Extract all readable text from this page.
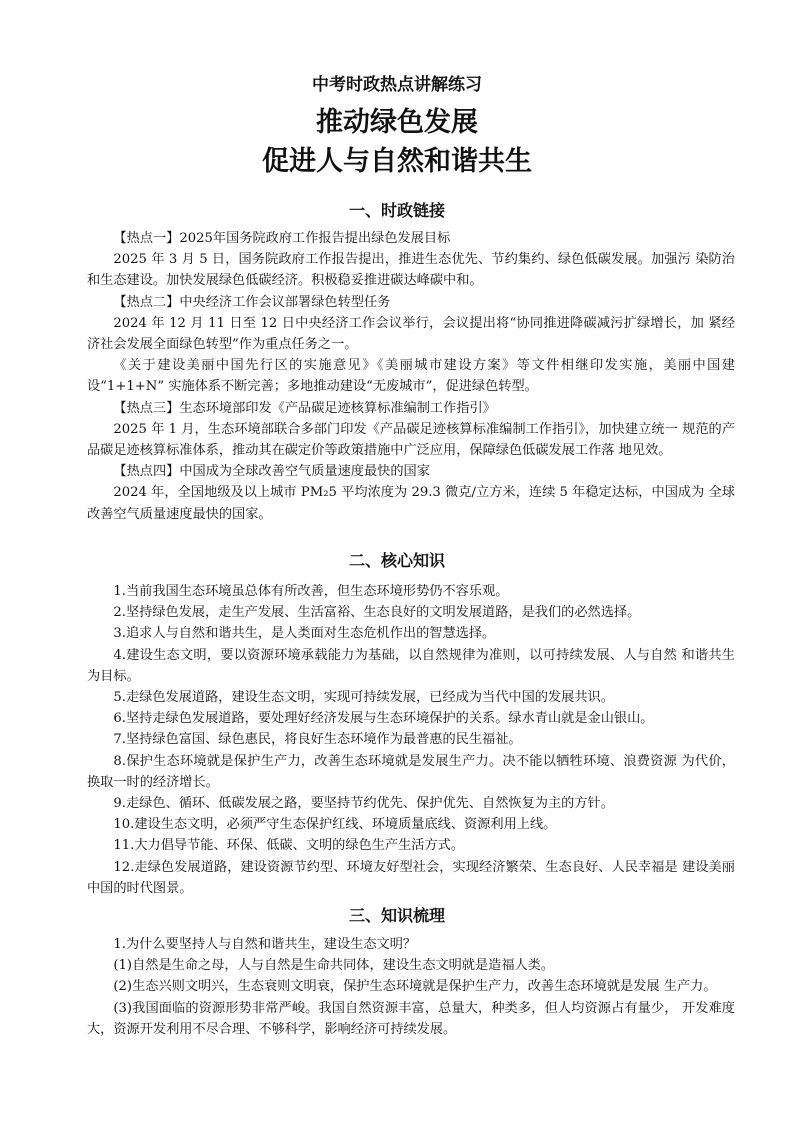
中考时政热点讲解练习
推动绿色发展
促进人与自然和谐共生
一、时政链接

【热点一】2025年国务院政府工作报告提出绿色发展目标

2025 年 3 月 5 日，国务院政府工作报告提出，推进生态优先、节约集约、绿色低碳发展。加强污 染防治和生态建设。加快发展绿色低碳经济。积极稳妥推进碳达峰碳中和。

【热点二】中央经济工作会议部署绿色转型任务

2024 年 12 月 11 日至 12 日中央经济工作会议举行，会议提出将“协同推进降碳减污扩绿增长，加 紧经济社会发展全面绿色转型”作为重点任务之一。

《关于建设美丽中国先行区的实施意见》《美丽城市建设方案》等文件相继印发实施，美丽中国建 设“1+1+N” 实施体系不断完善；多地推动建设“无废城市”，促进绿色转型。

【热点三】生态环境部印发《产品碳足迹核算标准编制工作指引》

2025 年 1 月，生态环境部联合多部门印发《产品碳足迹核算标准编制工作指引》，加快建立统一 规范的产品碳足迹核算标准体系，推动其在碳定价等政策措施中广泛应用，保障绿色低碳发展工作落 地见效。

【热点四】中国成为全球改善空气质量速度最快的国家

2024 年，全国地级及以上城市 PM₂5 平均浓度为 29.3 微克/立方米，连续 5 年稳定达标，中国成为 全球改善空气质量速度最快的国家。

二、核心知识

1.当前我国生态环境虽总体有所改善，但生态环境形势仍不容乐观。

2.坚持绿色发展，走生产发展、生活富裕、生态良好的文明发展道路，是我们的必然选择。

3.追求人与自然和谐共生，是人类面对生态危机作出的智慧选择。

4.建设生态文明，要以资源环境承载能力为基础，以自然规律为准则，以可持续发展、人与自然 和谐共生为目标。

5.走绿色发展道路，建设生态文明，实现可持续发展，已经成为当代中国的发展共识。

6.坚持走绿色发展道路，要处理好经济发展与生态环境保护的关系。绿水青山就是金山银山。

7.坚持绿色富国、绿色惠民，将良好生态环境作为最普惠的民生福祉。

8.保护生态环境就是保护生产力，改善生态环境就是发展生产力。决不能以牺牲环境、浪费资源 为代价，换取一时的经济增长。

9.走绿色、循环、低碳发展之路，要坚持节约优先、保护优先、自然恢复为主的方针。

10.建设生态文明，必须严守生态保护红线、环境质量底线、资源利用上线。

11.大力倡导节能、环保、低碳、文明的绿色生产生活方式。

12.走绿色发展道路，建设资源节约型、环境友好型社会，实现经济繁荣、生态良好、人民幸福是 建设美丽中国的时代图景。

三、知识梳理

1.为什么要坚持人与自然和谐共生，建设生态文明？

(1)自然是生命之母，人与自然是生命共同体，建设生态文明就是造福人类。

(2)生态兴则文明兴，生态衰则文明衰，保护生态环境就是保护生产力，改善生态环境就是发展 生产力。

(3)我国面临的资源形势非常严峻。我国自然资源丰富，总量大，种类多，但人均资源占有量少， 开发难度大，资源开发利用不尽合理、不够科学，影响经济可持续发展。
